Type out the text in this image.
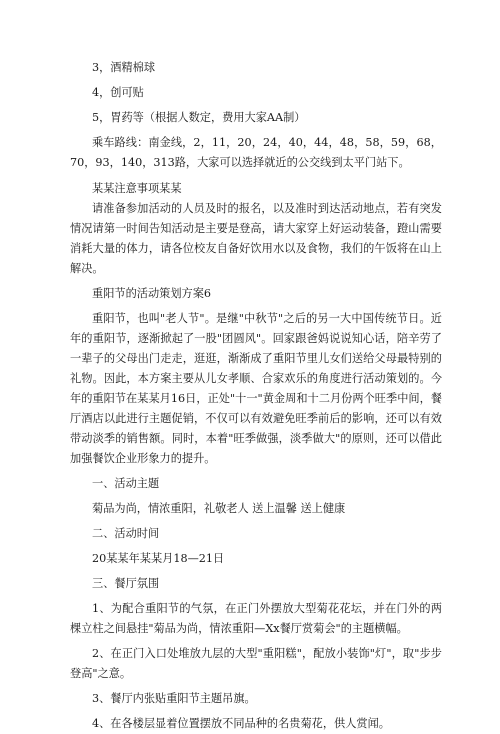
3，酒精棉球

4，创可贴

5，胃药等（根据人数定，费用大家AA制）

乘车路线：南金线，2，11，20，24，40，44，48，58，59，68，70，93，140，313路，大家可以选择就近的公交线到太平门站下。

某某注意事项某某

请准备参加活动的人员及时的报名，以及准时到达活动地点，若有突发情况请第一时间告知活动是主要是登高，请大家穿上好运动装备，蹬山需要消耗大量的体力，请各位校友自备好饮用水以及食物，我们的午饭将在山上解决。

重阳节的活动策划方案6

重阳节，也叫"老人节"。是继"中秋节"之后的另一大中国传统节日。近年的重阳节，逐渐掀起了一股"团圆风"。回家跟爸妈说说知心话，陪辛劳了一辈子的父母出门走走，逛逛，渐渐成了重阳节里儿女们送给父母最特别的礼物。因此，本方案主要从儿女孝顺、合家欢乐的角度进行活动策划的。今年的重阳节在某某月16日，正处"十一"黄金周和十二月份两个旺季中间，餐厅酒店以此进行主题促销，不仅可以有效避免旺季前后的影响，还可以有效带动淡季的销售额。同时，本着"旺季做强，淡季做大"的原则，还可以借此加强餐饮企业形象力的提升。

一、活动主题

菊品为尚，情浓重阳，礼敬老人 送上温馨 送上健康

二、活动时间

20某某年某某月18—21日

三、餐厅氛围

1、为配合重阳节的气氛，在正门外摆放大型菊花花坛，并在门外的两棵立柱之间悬挂"菊品为尚，情浓重阳—Xx餐厅赏菊会"的主题横幅。

2、在正门入口处堆放九层的大型"重阳糕"，配放小装饰"灯"，取"步步登高"之意。

3、餐厅内张贴重阳节主题吊旗。

4、在各楼层显着位置摆放不同品种的名贵菊花，供人赏闻。
